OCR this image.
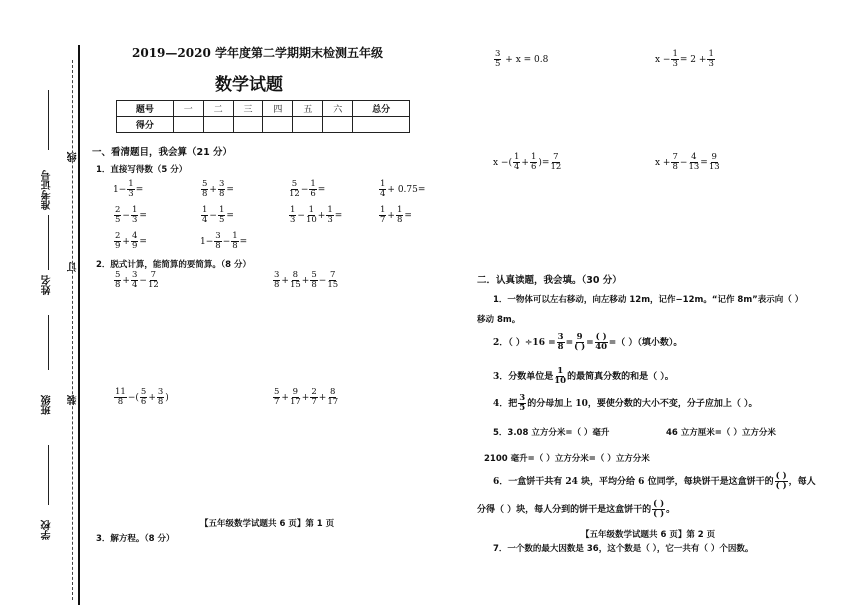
准考证号
姓名
班级
学校
线
订
装
2019—2020 学年度第二学期期末检测五年级
数学试题
题号	一	二	三	四	五	六	总分
得分							
一、看清题目，我会算（21 分）
1．直接写得数（5 分）
$1- \frac{1}{3}$ =	$\frac{5}{8} + \frac{3}{8}$ =	$\frac{5}{12} - \frac{1}{6}$ =	$\frac{1}{4} + 0.75=$
$\frac{2}{5} - \frac{1}{3}$ =	$\frac{1}{4} - \frac{1}{5}$ =	$\frac{1}{3} - \frac{1}{10} + \frac{1}{3}$ =	$\frac{1}{7} + \frac{1}{8}$ =
$\frac{2}{9} + \frac{4}{9}$ =	$1- \frac{3}{8} - \frac{1}{8}$ =
2．脱式计算，能简算的要简算。（8 分）
$\frac{5}{8} + \frac{3}{4} - \frac{7}{12}$	$\frac{3}{8} + \frac{8}{15} + \frac{5}{8} - \frac{7}{15}$
$\frac{11}{8}$ −( $\frac{5}{6} + \frac{3}{8}$ )	$\frac{5}{7} + \frac{9}{17} + \frac{2}{7} + \frac{8}{17}$
【五年级数学试题共 6 页】第 1 页
3．解方程。（8 分）
$\frac{3}{5} + x = 0.8$	$x - \frac{1}{3} = 2 + \frac{1}{3}$
x −( $\frac{1}{4} + \frac{1}{6}$ )= $\frac{7}{12}$	$x + \frac{7}{8} - \frac{4}{13} = \frac{9}{13}$
二．认真读题，我会填。（30 分）
1．一物体可以左右移动，向左移动 12m，记作−12m。“记作 8m”表示向（ ）
移动 8m。
2．（ ）$\div 16 = \frac{3}{8} = \frac{9}{( )} = \frac{( )}{40}$ =（ ）（填小数）。
3．分数单位是 $\frac{1}{10}$ 的最简真分数的和是（ ）。
4．把 $\frac{3}{5}$ 的分母加上 10，要使分数的大小不变，分子应加上（ ）。
5．3.08 立方分米=（ ）毫升	46 立方厘米=（ ）立方分米
2100 毫升=（ ）立方分米=（ ）立方分米
6．一盒饼干共有 24 块，平均分给 6 位同学，每块饼干是这盒饼干的 $\frac{( )}{( )}$ ，每人
分得（ ）块，每人分到的饼干是这盒饼干的 $\frac{( )}{( )}$ 。
【五年级数学试题共 6 页】第 2 页
7．一个数的最大因数是 36，这个数是（ ），它一共有（ ）个因数。
